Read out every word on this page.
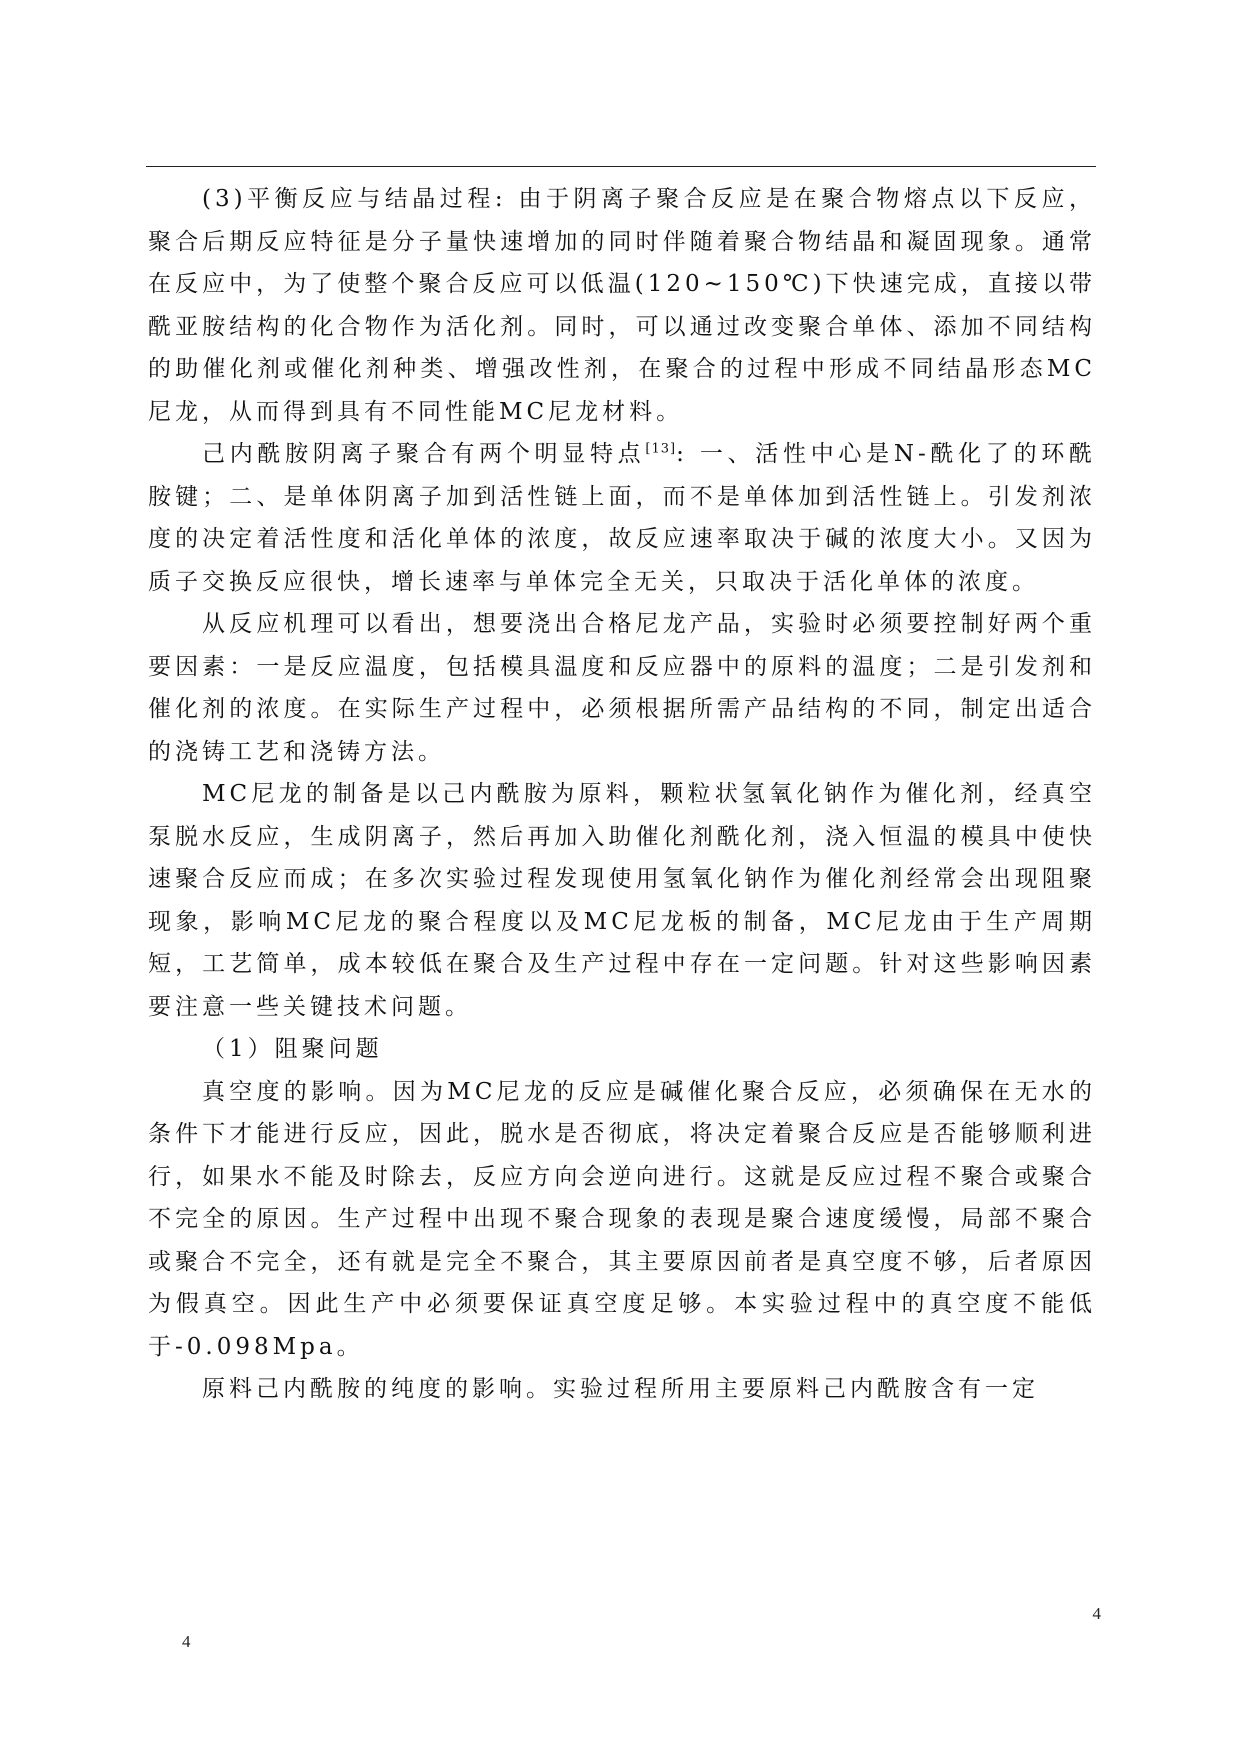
(3)平衡反应与结晶过程: 由于阴离子聚合反应是在聚合物熔点以下反应，聚合后期反应特征是分子量快速增加的同时伴随着聚合物结晶和凝固现象。通常在反应中，为了使整个聚合反应可以低温(120~150℃)下快速完成，直接以带酰亚胺结构的化合物作为活化剂。同时，可以通过改变聚合单体、添加不同结构的助催化剂或催化剂种类、增强改性剂，在聚合的过程中形成不同结晶形态MC尼龙，从而得到具有不同性能MC尼龙材料。

己内酰胺阴离子聚合有两个明显特点[13]: 一、活性中心是N-酰化了的环酰胺键；二、是单体阴离子加到活性链上面，而不是单体加到活性链上。引发剂浓度的决定着活性度和活化单体的浓度，故反应速率取决于碱的浓度大小。又因为质子交换反应很快，增长速率与单体完全无关，只取决于活化单体的浓度。

从反应机理可以看出，想要浇出合格尼龙产品，实验时必须要控制好两个重要因素：一是反应温度，包括模具温度和反应器中的原料的温度；二是引发剂和催化剂的浓度。在实际生产过程中，必须根据所需产品结构的不同，制定出适合的浇铸工艺和浇铸方法。

MC尼龙的制备是以己内酰胺为原料，颗粒状氢氧化钠作为催化剂，经真空泵脱水反应，生成阴离子，然后再加入助催化剂酰化剂，浇入恒温的模具中使快速聚合反应而成；在多次实验过程发现使用氢氧化钠作为催化剂经常会出现阻聚现象，影响MC尼龙的聚合程度以及MC尼龙板的制备，MC尼龙由于生产周期短，工艺简单，成本较低在聚合及生产过程中存在一定问题。针对这些影响因素要注意一些关键技术问题。

（1）阻聚问题

真空度的影响。因为MC尼龙的反应是碱催化聚合反应，必须确保在无水的条件下才能进行反应，因此，脱水是否彻底，将决定着聚合反应是否能够顺利进行，如果水不能及时除去，反应方向会逆向进行。这就是反应过程不聚合或聚合不完全的原因。生产过程中出现不聚合现象的表现是聚合速度缓慢，局部不聚合或聚合不完全，还有就是完全不聚合，其主要原因前者是真空度不够，后者原因为假真空。因此生产中必须要保证真空度足够。本实验过程中的真空度不能低于-0.098Mpa。

原料己内酰胺的纯度的影响。实验过程所用主要原料己内酰胺含有一定

4
4
